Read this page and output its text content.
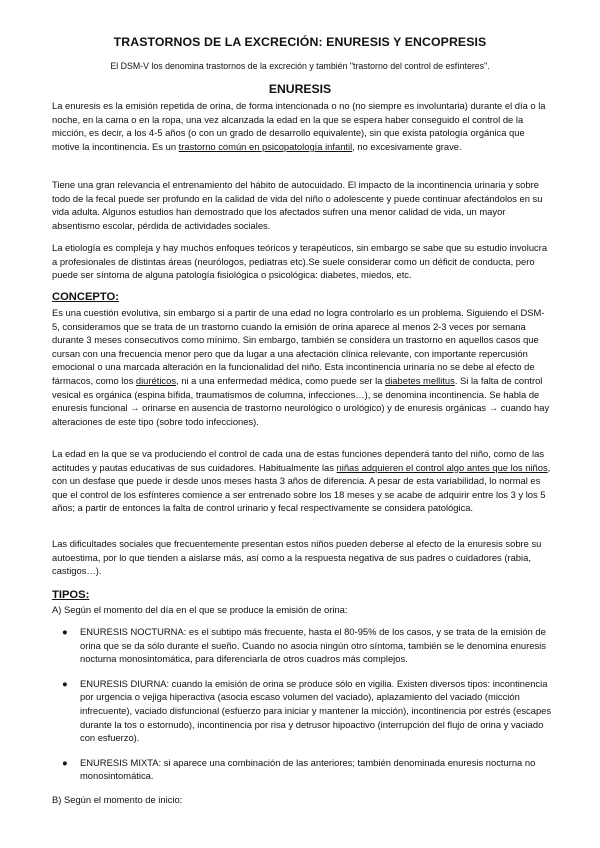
TRASTORNOS DE LA EXCRECIÓN: ENURESIS Y ENCOPRESIS
El DSM-V los denomina trastornos de la excreción y también "trastorno del control de esfínteres".
ENURESIS

La enuresis es la emisión repetida de orina, de forma intencionada o no (no siempre es involuntaria) durante el día o la noche, en la cama o en la ropa, una vez alcanzada la edad en la que se espera haber conseguido el control de la micción, es decir, a los 4-5 años (o con un grado de desarrollo equivalente), sin que exista patología orgánica que motive la incontinencia. Es un trastorno común en psicopatología infantil, no excesivamente grave.

Tiene una gran relevancia el entrenamiento del hábito de autocuidado. El impacto de la incontinencia urinaria y sobre todo de la fecal puede ser profundo en la calidad de vida del niño o adolescente y puede continuar afectándolos en su vida adulta. Algunos estudios han demostrado que los afectados sufren una menor calidad de vida, un mayor absentismo escolar, pérdida de actividades sociales.

La etiología es compleja y hay muchos enfoques teóricos y terapéuticos, sin embargo se sabe que su estudio involucra a profesionales de distintas áreas (neurólogos, pediatras etc).Se suele considerar como un déficit de conducta, pero puede ser síntoma de alguna patología fisiológica o psicológica: diabetes, miedos, etc.

CONCEPTO:

Es una cuestión evolutiva, sin embargo si a partir de una edad no logra controlarlo es un problema. Siguiendo el DSM-5, consideramos que se trata de un trastorno cuando la emisión de orina aparece al menos 2-3 veces por semana durante 3 meses consecutivos como mínimo. Sin embargo, también se considera un trastorno en aquellos casos que cursan con una frecuencia menor pero que da lugar a una afectación clínica relevante, con importante repercusión emocional o una marcada alteración en la funcionalidad del niño. Esta incontinencia urinaria no se debe al efecto de fármacos, como los diuréticos, ni a una enfermedad médica, como puede ser la diabetes mellitus. Si la falta de control vesical es orgánica (espina bífida, traumatismos de columna, infecciones…), se denomina incontinencia. Se habla de enuresis funcional → orinarse en ausencia de trastorno neurológico o urológico) y de enuresis orgánicas → cuando hay alteraciones de este tipo (sobre todo infecciones).

La edad en la que se va produciendo el control de cada una de estas funciones dependerá tanto del niño, como de las actitudes y pautas educativas de sus cuidadores. Habitualmente las niñas adquieren el control algo antes que los niños, con un desfase que puede ir desde unos meses hasta 3 años de diferencia. A pesar de esta variabilidad, lo normal es que el control de los esfínteres comience a ser entrenado sobre los 18 meses y se acabe de adquirir entre los 3 y los 5 años; a partir de entonces la falta de control urinario y fecal respectivamente se considera patológica.

Las dificultades sociales que frecuentemente presentan estos niños pueden deberse al efecto de la enuresis sobre su autoestima, por lo que tienden a aislarse más, así como a la respuesta negativa de sus padres o cuidadores (rabia, castigos…).

TIPOS:

A) Según el momento del día en el que se produce la emisión de orina:

● ENURESIS NOCTURNA: es el subtipo más frecuente, hasta el 80-95% de los casos, y se trata de la emisión de orina que se da sólo durante el sueño. Cuando no asocia ningún otro síntoma, también se le denomina enuresis nocturna monosintomática, para diferenciarla de otros cuadros más complejos.
● ENURESIS DIURNA: cuando la emisión de orina se produce sólo en vigilia. Existen diversos tipos: incontinencia por urgencia o vejiga hiperactiva (asocia escaso volumen del vaciado), aplazamiento del vaciado (micción infrecuente), vaciado disfuncional (esfuerzo para iniciar y mantener la micción), incontinencia por estrés (escapes durante la tos o estornudo), incontinencia por risa y detrusor hipoactivo (interrupción del flujo de orina y vaciado con esfuerzo).
● ENURESIS MIXTA: si aparece una combinación de las anteriores; también denominada enuresis nocturna no monosintomática.

B) Según el momento de inicio:
